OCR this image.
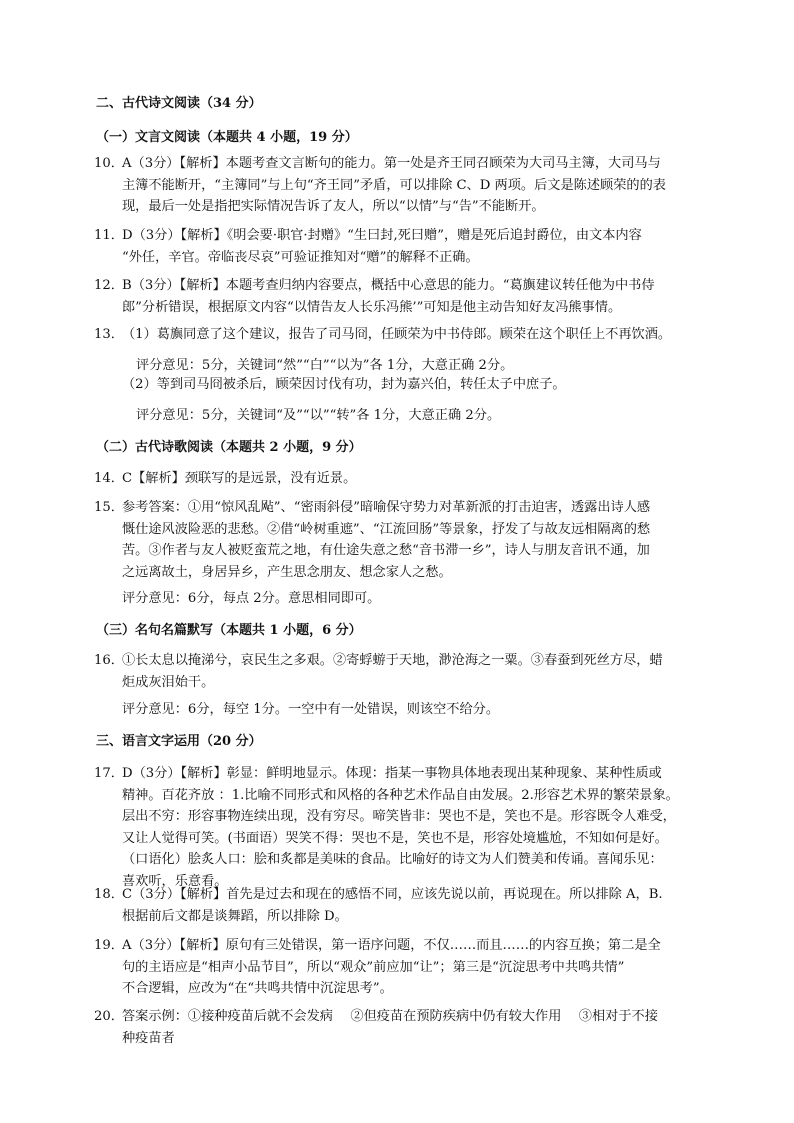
二、古代诗文阅读（34 分）
（一）文言文阅读（本题共 4 小题，19 分）
10．
A（3分）【解析】本题考查文言断句的能力。第一处是齐王同召顾荣为大司马主簿，大司马与
主簿不能断开，“主簿同”与上句“齐王同”矛盾，可以排除 C、D 两项。后文是陈述顾荣的的表
现，最后一处是指把实际情况告诉了友人，所以“以情”与“告”不能断开。
11．
D（3分）【解析】《明会要·职官·封赠》“生曰封,死曰赠”，赠是死后追封爵位，由文本内容
“外任，辛官。帝临丧尽哀”可验证推知对“赠”的解释不正确。
12．
B（3分）【解析】本题考查归纳内容要点，概括中心意思的能力。“葛旟建议转任他为中书侍
郎”分析错误，根据原文内容“以情告友人长乐冯熊’”可知是他主动告知好友冯熊事情。
13．
（1）葛旟同意了这个建议，报告了司马冏，任顾荣为中书侍郎。顾荣在这个职任上不再饮酒。
评分意见：5分，关键词“然”“白”“以为”各 1分，大意正确 2分。
（2）等到司马冏被杀后，顾荣因讨伐有功，封为嘉兴伯，转任太子中庶子。
评分意见：5分，关键词“及”“以”“转”各 1分，大意正确 2分。
（二）古代诗歌阅读（本题共 2 小题，9 分）
14．
C【解析】颈联写的是远景，没有近景。
15．
参考答案：①用“惊风乱飐”、“密雨斜侵”暗喻保守势力对革新派的打击迫害，透露出诗人感
慨仕途风波险恶的悲愁。②借“岭树重遮”、“江流回肠”等景象，抒发了与故友远相隔离的愁
苦。③作者与友人被贬蛮荒之地，有仕途失意之愁“音书滞一乡”，诗人与朋友音讯不通，加
之远离故土，身居异乡，产生思念朋友、想念家人之愁。
评分意见：6分，每点 2分。意思相同即可。
（三）名句名篇默写（本题共 1 小题，6 分）
16．
①长太息以掩涕兮，哀民生之多艰。②寄蜉蝣于天地，渺沧海之一粟。③春蚕到死丝方尽，蜡
炬成灰泪始干。
评分意见：6分，每空 1分。一空中有一处错误，则该空不给分。
三、语言文字运用（20 分）
17．
D（3分）【解析】彰显：鲜明地显示。体现：指某一事物具体地表现出某种现象、某种性质或
精神。百花齐放 ：1.比喻不同形式和风格的各种艺术作品自由发展。2.形容艺术界的繁荣景象。
层出不穷：形容事物连续出现，没有穷尽。啼笑皆非：哭也不是，笑也不是。形容既令人难受，
又让人觉得可笑。(书面语）哭笑不得：哭也不是，笑也不是，形容处境尴尬，不知如何是好。
（口语化）脍炙人口：脍和炙都是美味的食品。比喻好的诗文为人们赞美和传诵。喜闻乐见：
喜欢听，乐意看。
18．
C（3分）【解析】首先是过去和现在的感悟不同，应该先说以前，再说现在。所以排除 A，B.
根据前后文都是谈舞蹈，所以排除 D。
19．
A（3分）【解析】原句有三处错误，第一语序问题，不仅……而且……的内容互换；第二是全
句的主语应是“相声小品节目”，所以“观众”前应加“让”；第三是“沉淀思考中共鸣共情”
不合逻辑，应改为“在“共鸣共情中沉淀思考”。
20．
答案示例：①接种疫苗后就不会发病　 ②但疫苗在预防疾病中仍有较大作用　 ③相对于不接
种疫苗者
